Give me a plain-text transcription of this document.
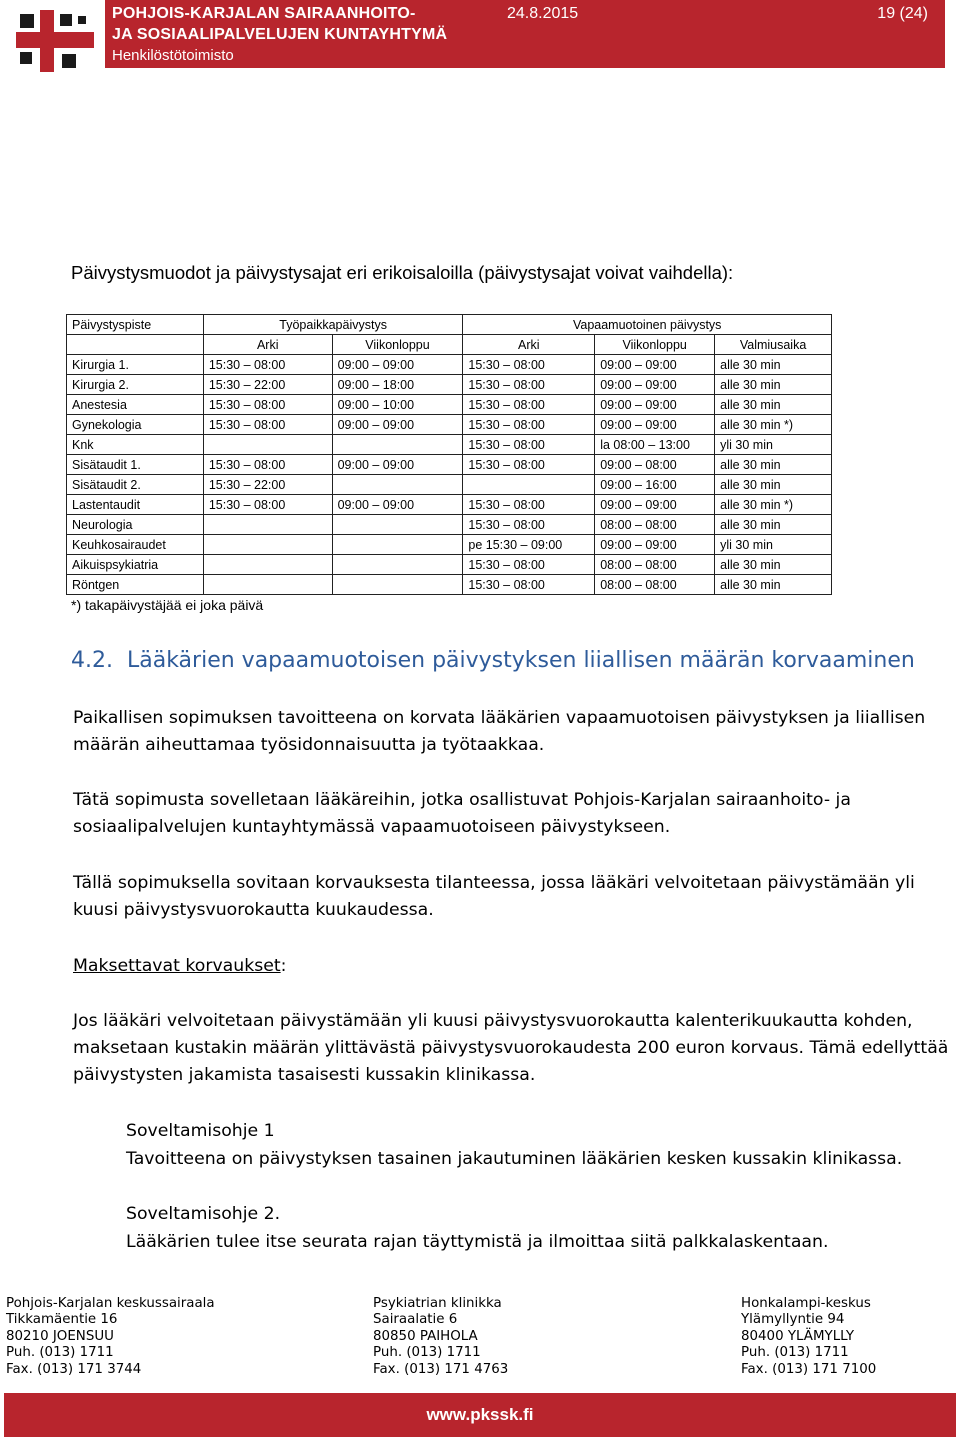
POHJOIS-KARJALAN SAIRAANHOITO-
JA SOSIAALIPALVELUJEN KUNTAYHTYMÄ
Henkilöstötoimisto
24.8.2015	19 (24)
Päivystysmuodot ja päivystysajat eri erikoisaloilla (päivystysajat voivat vaihdella):
Päivystyspiste	Työpaikkapäivystys		Vapaamuotoinen päivystys		
	Arki	Viikonloppu	Arki	Viikonloppu	Valmiusaika
Kirurgia 1.	15:30 – 08:00	09:00 – 09:00	15:30 – 08:00	09:00 – 09:00	alle 30 min
Kirurgia 2.	15:30 – 22:00	09:00 – 18:00	15:30 – 08:00	09:00 – 09:00	alle 30 min
Anestesia	15:30 – 08:00	09:00 – 10:00	15:30 – 08:00	09:00 – 09:00	alle 30 min
Gynekologia	15:30 – 08:00	09:00 – 09:00	15:30 – 08:00	09:00 – 09:00	alle 30 min *)
Knk			15:30 – 08:00	la 08:00 – 13:00	yli 30 min
Sisätaudit 1.	15:30 – 08:00	09:00 – 09:00	15:30 – 08:00	09:00 – 08:00	alle 30 min
Sisätaudit 2.	15:30 – 22:00			09:00 – 16:00	alle 30 min
Lastentaudit	15:30 – 08:00	09:00 – 09:00	15:30 – 08:00	09:00 – 09:00	alle 30 min *)
Neurologia			15:30 – 08:00	08:00 – 08:00	alle 30 min
Keuhkosairaudet			pe 15:30 – 09:00	09:00 – 09:00	yli 30 min
Aikuispsykiatria			15:30 – 08:00	08:00 – 08:00	alle 30 min
Röntgen			15:30 – 08:00	08:00 – 08:00	alle 30 min
*) takapäivystäjää ei joka päivä
4.2. Lääkärien vapaamuotoisen päivystyksen liiallisen määrän korvaaminen
Paikallisen sopimuksen tavoitteena on korvata lääkärien vapaamuotoisen päivystyksen ja liiallisen määrän aiheuttamaa työsidonnaisuutta ja työtaakkaa.
Tätä sopimusta sovelletaan lääkäreihin, jotka osallistuvat Pohjois-Karjalan sairaanhoito- ja sosiaalipalvelujen kuntayhtymässä vapaamuotoiseen päivystykseen.
Tällä sopimuksella sovitaan korvauksesta tilanteessa, jossa lääkäri velvoitetaan päivystämään yli kuusi päivystysvuorokautta kuukaudessa.
Maksettavat korvaukset:
Jos lääkäri velvoitetaan päivystämään yli kuusi päivystysvuorokautta kalenterikuukautta kohden, maksetaan kustakin määrän ylittävästä päivystysvuorokaudesta 200 euron korvaus. Tämä edellyttää päivystysten jakamista tasaisesti kussakin klinikassa.
Soveltamisohje 1
Tavoitteena on päivystyksen tasainen jakautuminen lääkärien kesken kussakin klinikassa.
Soveltamisohje 2.
Lääkärien tulee itse seurata rajan täyttymistä ja ilmoittaa siitä palkkalaskentaan.
Pohjois-Karjalan keskussairaala
Tikkamäentie 16
80210 JOENSUU
Puh. (013) 1711
Fax. (013) 171 3744
Psykiatrian klinikka
Sairaalatie 6
80850 PAIHOLA
Puh. (013) 1711
Fax. (013) 171 4763
Honkalampi-keskus
Ylämyllyntie 94
80400 YLÄMYLLY
Puh. (013) 1711
Fax. (013) 171 7100
www.pkssk.fi
